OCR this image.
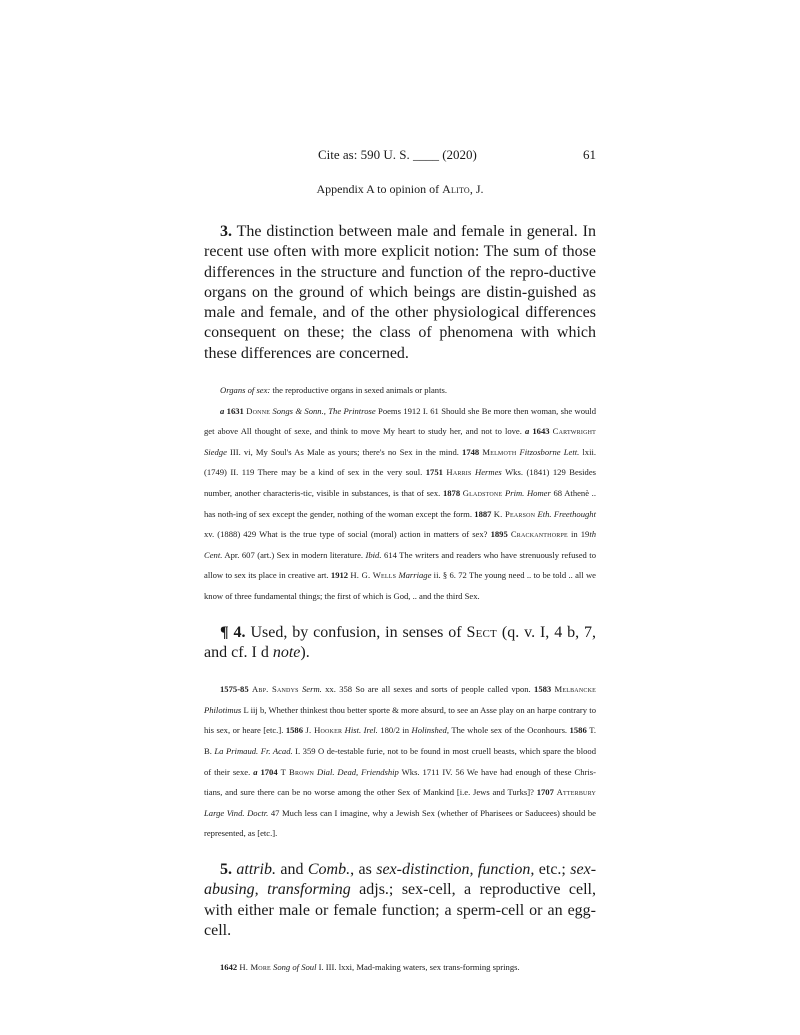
Cite as: 590 U. S. ____ (2020)	61
Appendix A to opinion of Alito, J.

3. The distinction between male and female in general. In recent use often with more explicit notion: The sum of those differences in the structure and function of the repro-ductive organs on the ground of which beings are distin-guished as male and female, and of the other physiological differences consequent on these; the class of phenomena with which these differences are concerned.

Organs of sex: the reproductive organs in sexed animals or plants.
a 1631 Donne Songs & Sonn., The Printrose Poems 1912 I. 61 Should she Be more then woman, she would get above All thought of sexe, and think to move My heart to study her, and not to love. a 1643 Cartwright Siedge III. vi, My Soul's As Male as yours; there's no Sex in the mind. 1748 Melmoth Fitzosborne Lett. lxii. (1749) II. 119 There may be a kind of sex in the very soul. 1751 Harris Hermes Wks. (1841) 129 Besides number, another characteris-tic, visible in substances, is that of sex. 1878 Gladstone Prim. Homer 68 Athenè .. has noth-ing of sex except the gender, nothing of the woman except the form. 1887 K. Pearson Eth. Freethought xv. (1888) 429 What is the true type of social (moral) action in matters of sex? 1895 Crackanthorpe in 19th Cent. Apr. 607 (art.) Sex in modern literature. Ibid. 614 The writers and readers who have strenuously refused to allow to sex its place in creative art. 1912 H. G. Wells Marriage ii. § 6. 72 The young need .. to be told .. all we know of three fundamental things; the first of which is God, .. and the third Sex.

¶ 4. Used, by confusion, in senses of Sect (q. v. I, 4 b, 7, and cf. I d note).

1575-85 Abp. Sandys Serm. xx. 358 So are all sexes and sorts of people called vpon. 1583 Melbancke Philotimus L iij b, Whether thinkest thou better sporte & more absurd, to see an Asse play on an harpe contrary to his sex, or heare [etc.]. 1586 J. Hooker Hist. Irel. 180/2 in Holinshed, The whole sex of the Oconhours. 1586 T. B. La Primaud. Fr. Acad. I. 359 O de-testable furie, not to be found in most cruell beasts, which spare the blood of their sexe. a 1704 T Brown Dial. Dead, Friendship Wks. 1711 IV. 56 We have had enough of these Chris-tians, and sure there can be no worse among the other Sex of Mankind [i.e. Jews and Turks]? 1707 Atterbury Large Vind. Doctr. 47 Much less can I imagine, why a Jewish Sex (whether of Pharisees or Saducees) should be represented, as [etc.].

5. attrib. and Comb., as sex-distinction, function, etc.; sex-abusing, transforming adjs.; sex-cell, a reproductive cell, with either male or female function; a sperm-cell or an egg-cell.

1642 H. More Song of Soul I. III. lxxi, Mad-making waters, sex trans-forming springs.
